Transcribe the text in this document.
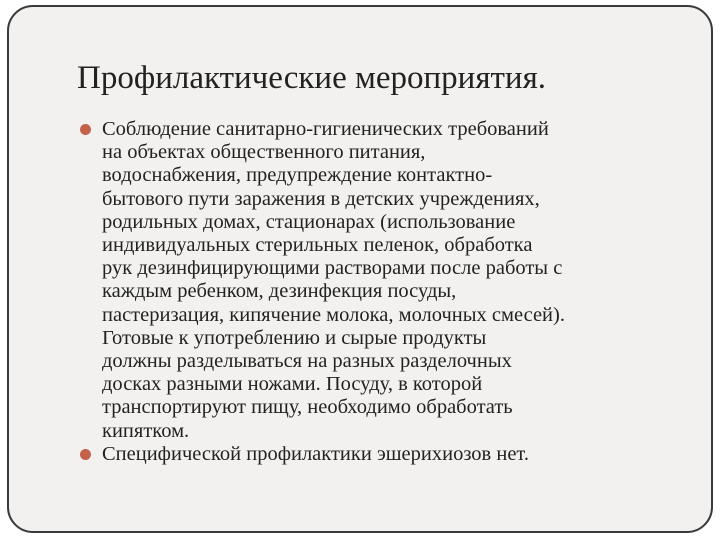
Профилактические мероприятия.
Соблюдение санитарно-гигиенических требований
на объектах общественного питания,
водоснабжения, предупреждение контактно-
бытового пути заражения в детских учреждениях,
родильных домах, стационарах (использование
индивидуальных стерильных пеленок, обработка
рук дезинфицирующими растворами после работы с
каждым ребенком, дезинфекция посуды,
пастеризация, кипячение молока, молочных смесей).
Готовые к употреблению и сырые продукты
должны разделываться на разных разделочных
досках разными ножами. Посуду, в которой
транспортируют пищу, необходимо обработать
кипятком.
Специфической профилактики эшерихиозов нет.
